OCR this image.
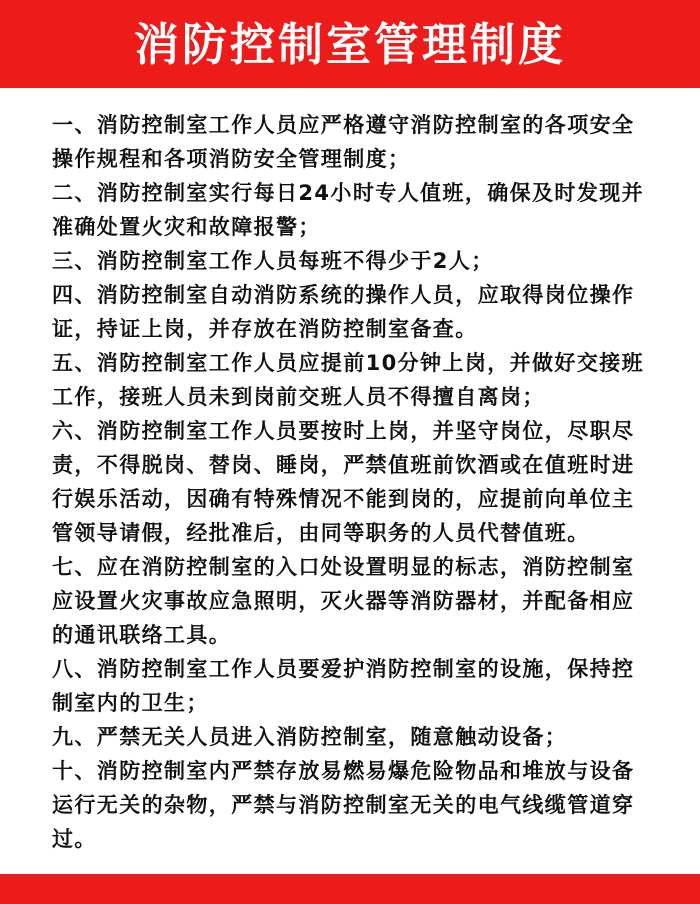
消防控制室管理制度
一、消防控制室工作人员应严格遵守消防控制室的各项安全操作规程和各项消防安全管理制度；
二、消防控制室实行每日24小时专人值班，确保及时发现并准确处置火灾和故障报警；
三、消防控制室工作人员每班不得少于2人；
四、消防控制室自动消防系统的操作人员，应取得岗位操作证，持证上岗，并存放在消防控制室备查。
五、消防控制室工作人员应提前10分钟上岗，并做好交接班工作，接班人员未到岗前交班人员不得擅自离岗；
六、消防控制室工作人员要按时上岗，并坚守岗位，尽职尽责，不得脱岗、替岗、睡岗，严禁值班前饮酒或在值班时进行娱乐活动，因确有特殊情况不能到岗的，应提前向单位主管领导请假，经批准后，由同等职务的人员代替值班。
七、应在消防控制室的入口处设置明显的标志，消防控制室应设置火灾事故应急照明，灭火器等消防器材，并配备相应的通讯联络工具。
八、消防控制室工作人员要爱护消防控制室的设施，保持控制室内的卫生；
九、严禁无关人员进入消防控制室，随意触动设备；
十、消防控制室内严禁存放易燃易爆危险物品和堆放与设备运行无关的杂物，严禁与消防控制室无关的电气线缆管道穿过。
